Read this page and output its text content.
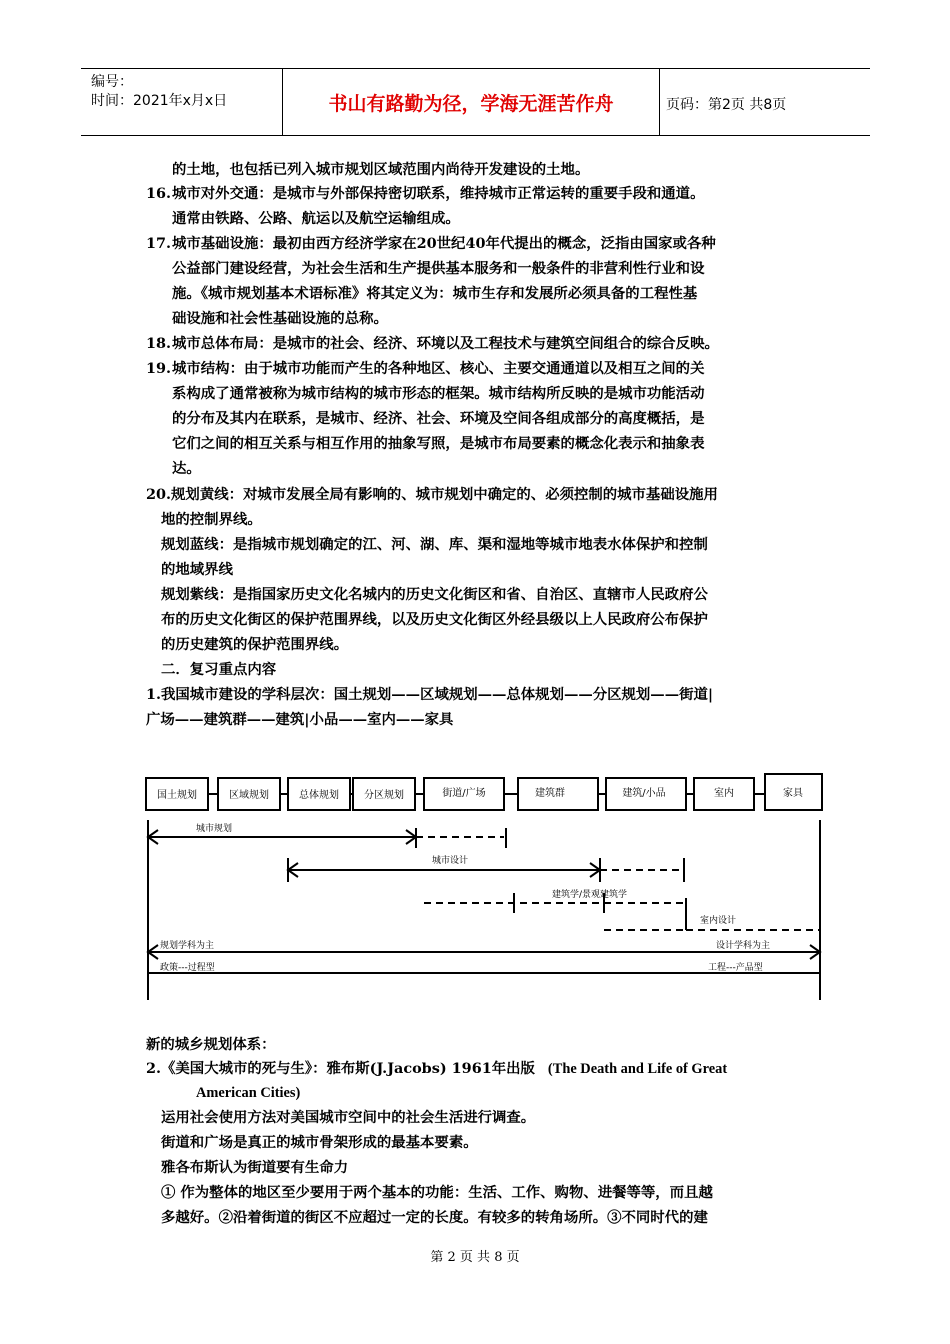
编号：
时间：2021年x月x日	书山有路勤为径，学海无涯苦作舟	页码：第2页 共8页
的土地，也包括已列入城市规划区域范围内尚待开发建设的土地。
16. 城市对外交通：是城市与外部保持密切联系，维持城市正常运转的重要手段和通道。
通常由铁路、公路、航运以及航空运输组成。
17. 城市基础设施：最初由西方经济学家在20世纪40年代提出的概念，泛指由国家或各种
公益部门建设经营，为社会生活和生产提供基本服务和一般条件的非营利性行业和设
施。《城市规划基本术语标准》将其定义为：城市生存和发展所必须具备的工程性基
础设施和社会性基础设施的总称。
18. 城市总体布局：是城市的社会、经济、环境以及工程技术与建筑空间组合的综合反映。
19. 城市结构：由于城市功能而产生的各种地区、核心、主要交通通道以及相互之间的关
系构成了通常被称为城市结构的城市形态的框架。城市结构所反映的是城市功能活动
的分布及其内在联系，是城市、经济、社会、环境及空间各组成部分的高度概括，是
它们之间的相互关系与相互作用的抽象写照，是城市布局要素的概念化表示和抽象表
达。
20.规划黄线：对城市发展全局有影响的、城市规划中确定的、必须控制的城市基础设施用
地的控制界线。
规划蓝线：是指城市规划确定的江、河、湖、库、渠和湿地等城市地表水体保护和控制
的地域界线
规划紫线：是指国家历史文化名城内的历史文化街区和省、自治区、直辖市人民政府公
布的历史文化街区的保护范围界线，以及历史文化街区外经县级以上人民政府公布保护
的历史建筑的保护范围界线。
二．复习重点内容
1.我国城市建设的学科层次：国土规划——区域规划——总体规划——分区规划——街道|
广场——建筑群——建筑|小品——室内——家具
国土规划	区域规划	总体规划	分区规划	街道/广场	建筑群	建筑/小品	室内	家具
城市规划
城市设计
建筑学/景观建筑学
室内设计
规划学科为主
政策---过程型
设计学科为主
工程---产品型
新的城乡规划体系：
2.《美国大城市的死与生》：雅布斯(J.Jacobs) 1961年出版 (The Death and Life of Great
American Cities)
运用社会使用方法对美国城市空间中的社会生活进行调查。
街道和广场是真正的城市骨架形成的最基本要素。
雅各布斯认为街道要有生命力
① 作为整体的地区至少要用于两个基本的功能：生活、工作、购物、进餐等等，而且越
多越好。②沿着街道的街区不应超过一定的长度。有较多的转角场所。③不同时代的建
第 2 页 共 8 页
